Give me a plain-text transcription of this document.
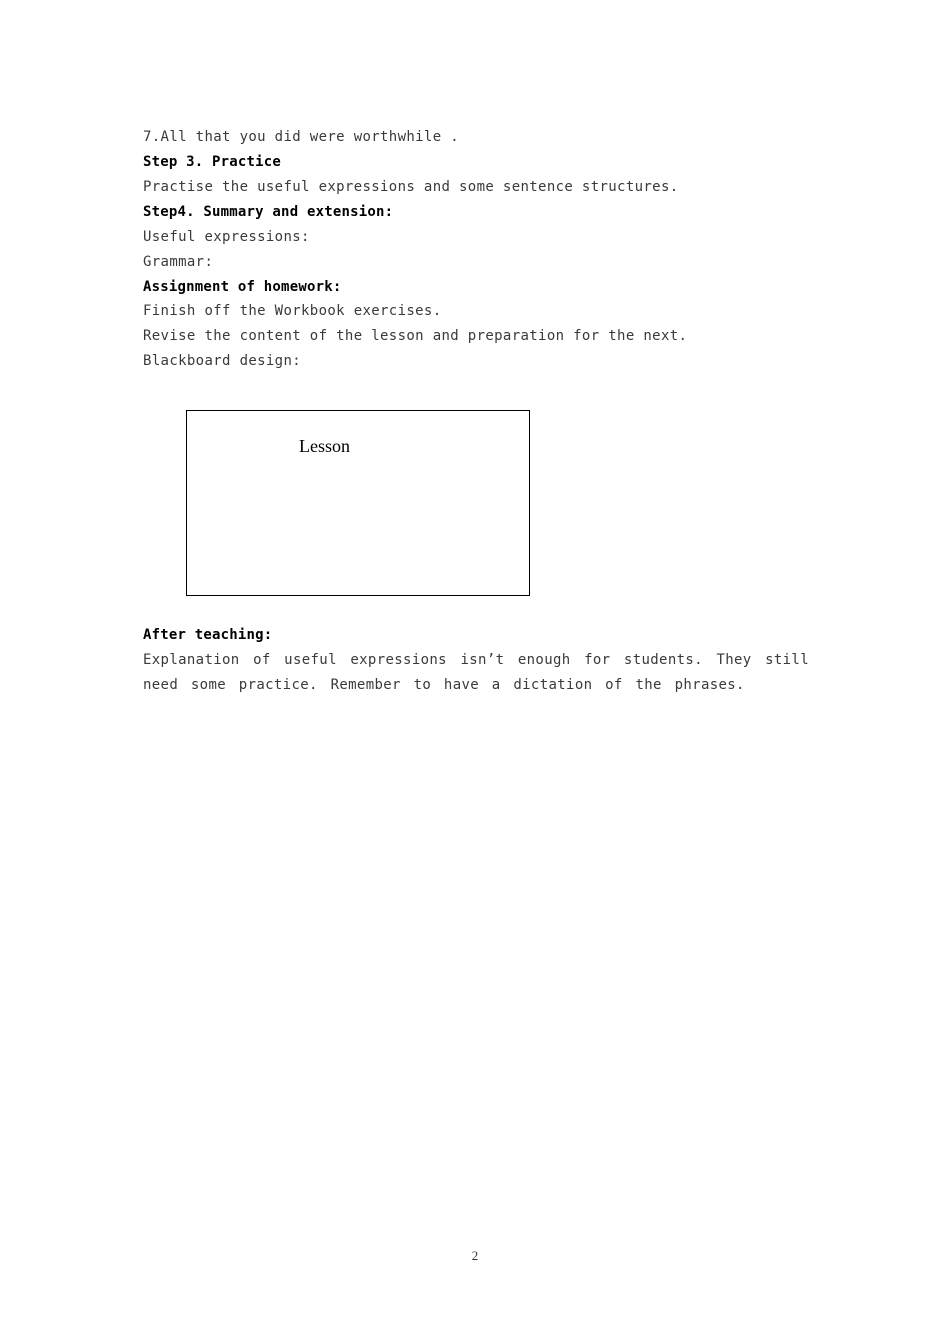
7.All that you did were worthwhile .
Step 3. Practice
Practise the useful expressions and some sentence structures.
Step4. Summary and extension:
Useful expressions:
Grammar:
Assignment of homework:
Finish off the Workbook exercises.
Revise the content of the lesson and preparation for the next.
Blackboard design:
Lesson
After teaching:
Explanation of useful expressions isn’t enough for students. They still need some practice. Remember to have a dictation of the phrases.
2
